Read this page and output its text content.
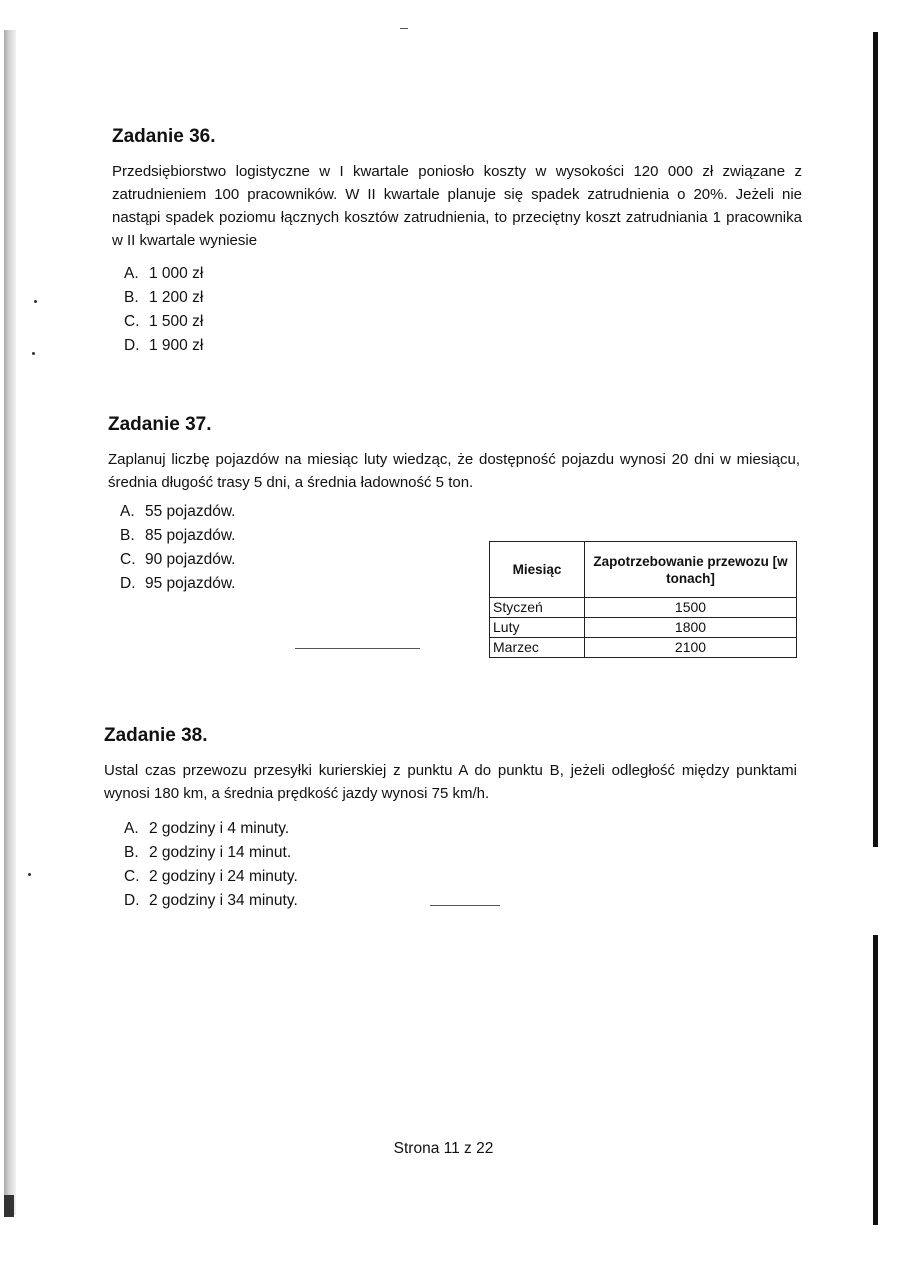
Zadanie 36.

Przedsiębiorstwo logistyczne w I kwartale poniosło koszty w wysokości 120 000 zł związane z zatrudnieniem 100 pracowników. W II kwartale planuje się spadek zatrudnienia o 20%. Jeżeli nie nastąpi spadek poziomu łącznych kosztów zatrudnienia, to przeciętny koszt zatrudniania 1 pracownika w II kwartale wyniesie

A. 1 000 zł
B. 1 200 zł
C. 1 500 zł
D. 1 900 zł
Zadanie 37.

Zaplanuj liczbę pojazdów na miesiąc luty wiedząc, że dostępność pojazdu wynosi 20 dni w miesiącu, średnia długość trasy 5 dni, a średnia ładowność 5 ton.

A. 55 pojazdów.
B. 85 pojazdów.
C. 90 pojazdów.
D. 95 pojazdów.
Miesiąc	Zapotrzebowanie przewozu [w tonach]
Styczeń	1500
Luty	1800
Marzec	2100
Zadanie 38.

Ustal czas przewozu przesyłki kurierskiej z punktu A do punktu B, jeżeli odległość między punktami wynosi 180 km, a średnia prędkość jazdy wynosi 75 km/h.

A. 2 godziny i 4 minuty.
B. 2 godziny i 14 minut.
C. 2 godziny i 24 minuty.
D. 2 godziny i 34 minuty.
Strona 11 z 22
